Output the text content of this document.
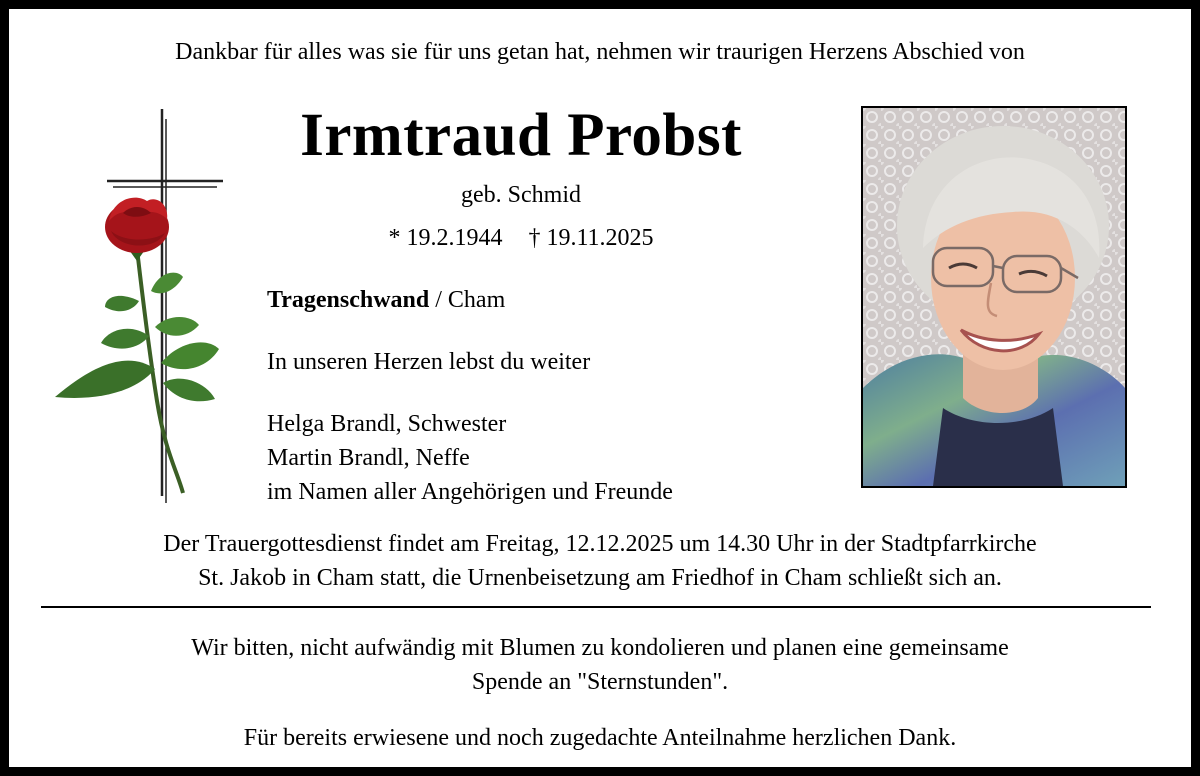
Dankbar für alles was sie für uns getan hat, nehmen wir traurigen Herzens Abschied von
Irmtraud Probst
geb. Schmid
* 19.2.1944 † 19.11.2025
Tragenschwand / Cham
In unseren Herzen lebst du weiter
Helga Brandl, Schwester
Martin Brandl, Neffe
im Namen aller Angehörigen und Freunde
Der Trauergottesdienst findet am Freitag, 12.12.2025 um 14.30 Uhr in der Stadtpfarrkirche
St. Jakob in Cham statt, die Urnenbeisetzung am Friedhof in Cham schließt sich an.
Wir bitten, nicht aufwändig mit Blumen zu kondolieren und planen eine gemeinsame
Spende an "Sternstunden".
Für bereits erwiesene und noch zugedachte Anteilnahme herzlichen Dank.
